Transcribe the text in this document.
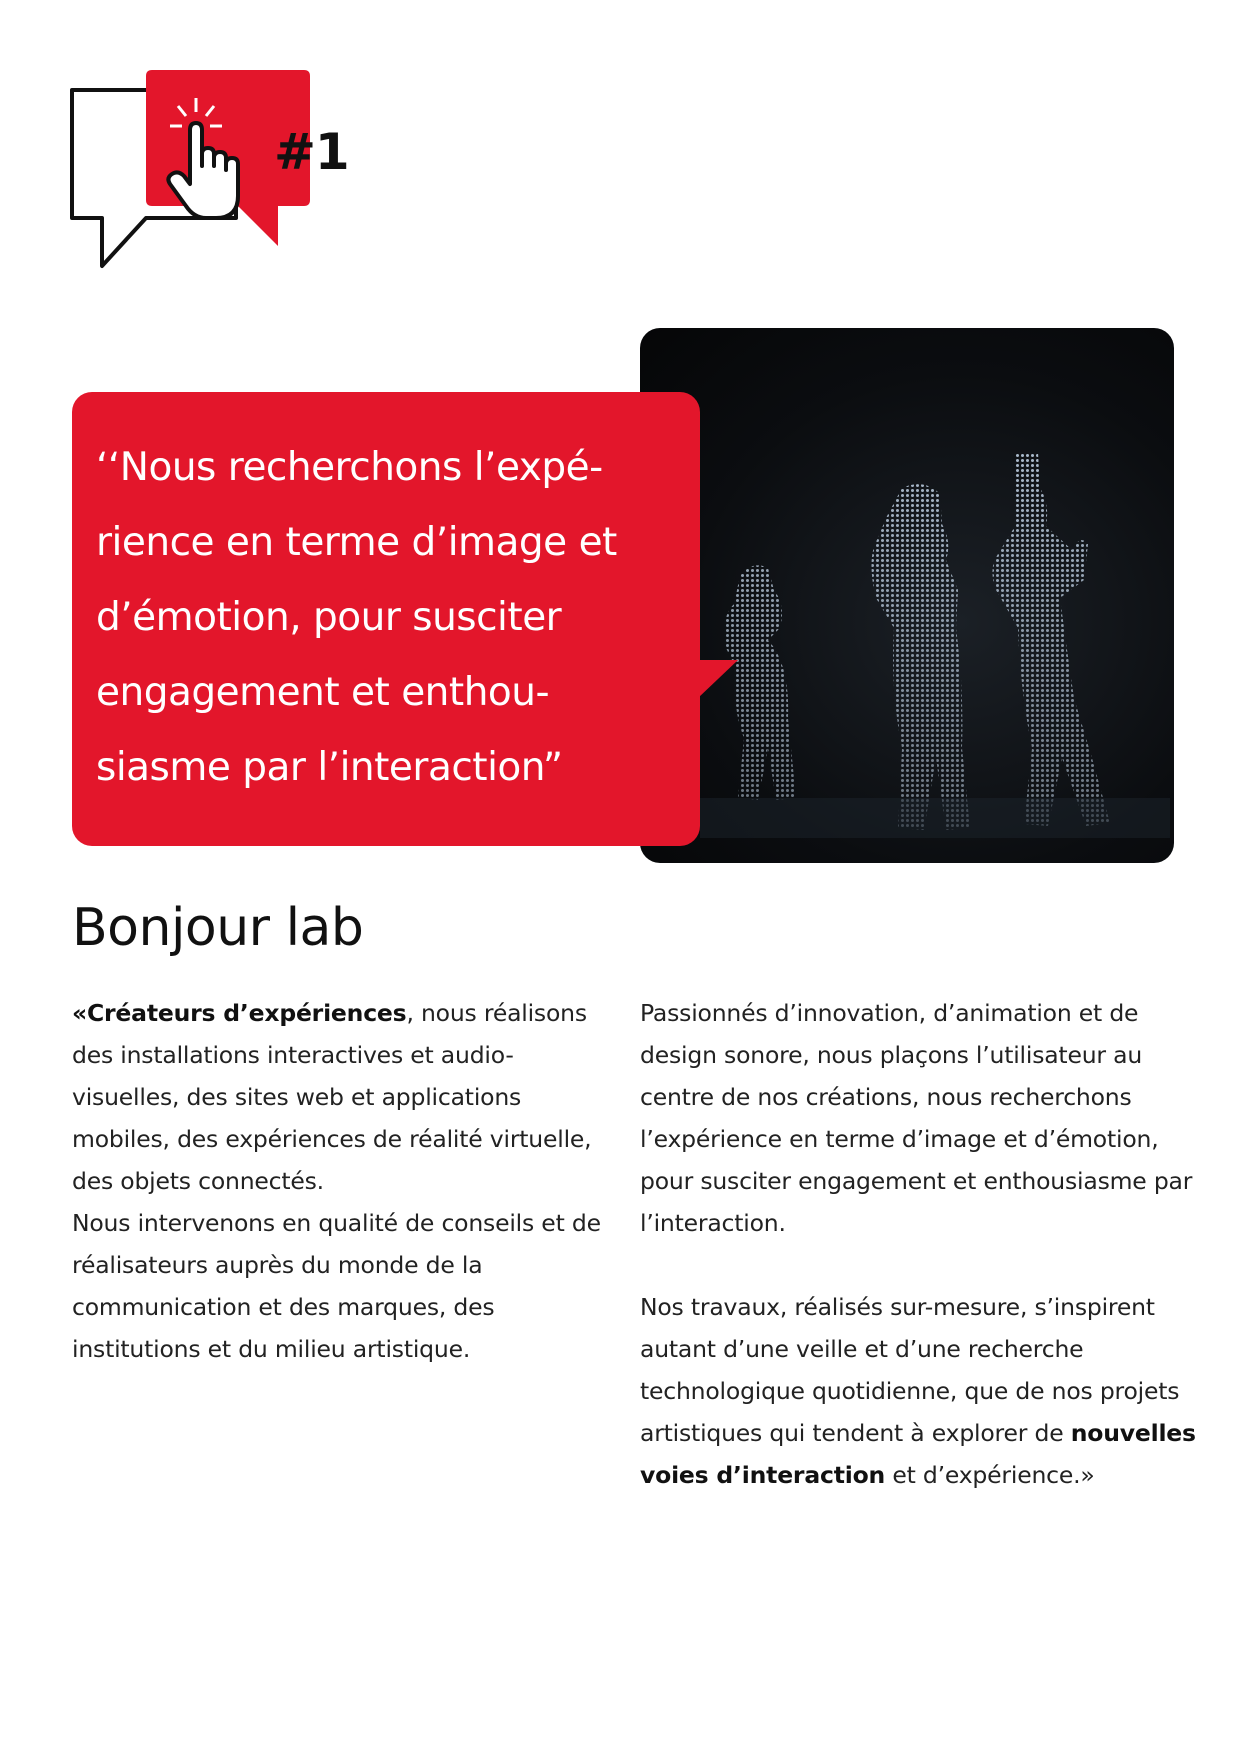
#1

‘‘Nous recherchons l’expé-
rience en terme d’image et
d’émotion, pour susciter
engagement et enthou-
siasme par l’interaction”

Bonjour lab

«Créateurs d’expériences, nous réalisons des installations interactives et audio-visuelles, des sites web et applications mobiles, des expériences de réalité virtuelle, des objets connectés.

Nous intervenons en qualité de conseils et de réalisateurs auprès du monde de la communication et des marques, des institutions et du milieu artistique.

Passionnés d’innovation, d’animation et de design sonore, nous plaçons l’utilisateur au centre de nos créations, nous recherchons l’expérience en terme d’image et d’émotion, pour susciter engagement et enthousiasme par l’interaction.

Nos travaux, réalisés sur-mesure, s’inspirent autant d’une veille et d’une recherche technologique quotidienne, que de nos projets artistiques qui tendent à explorer de nouvelles voies d’interaction et d’expérience.»
